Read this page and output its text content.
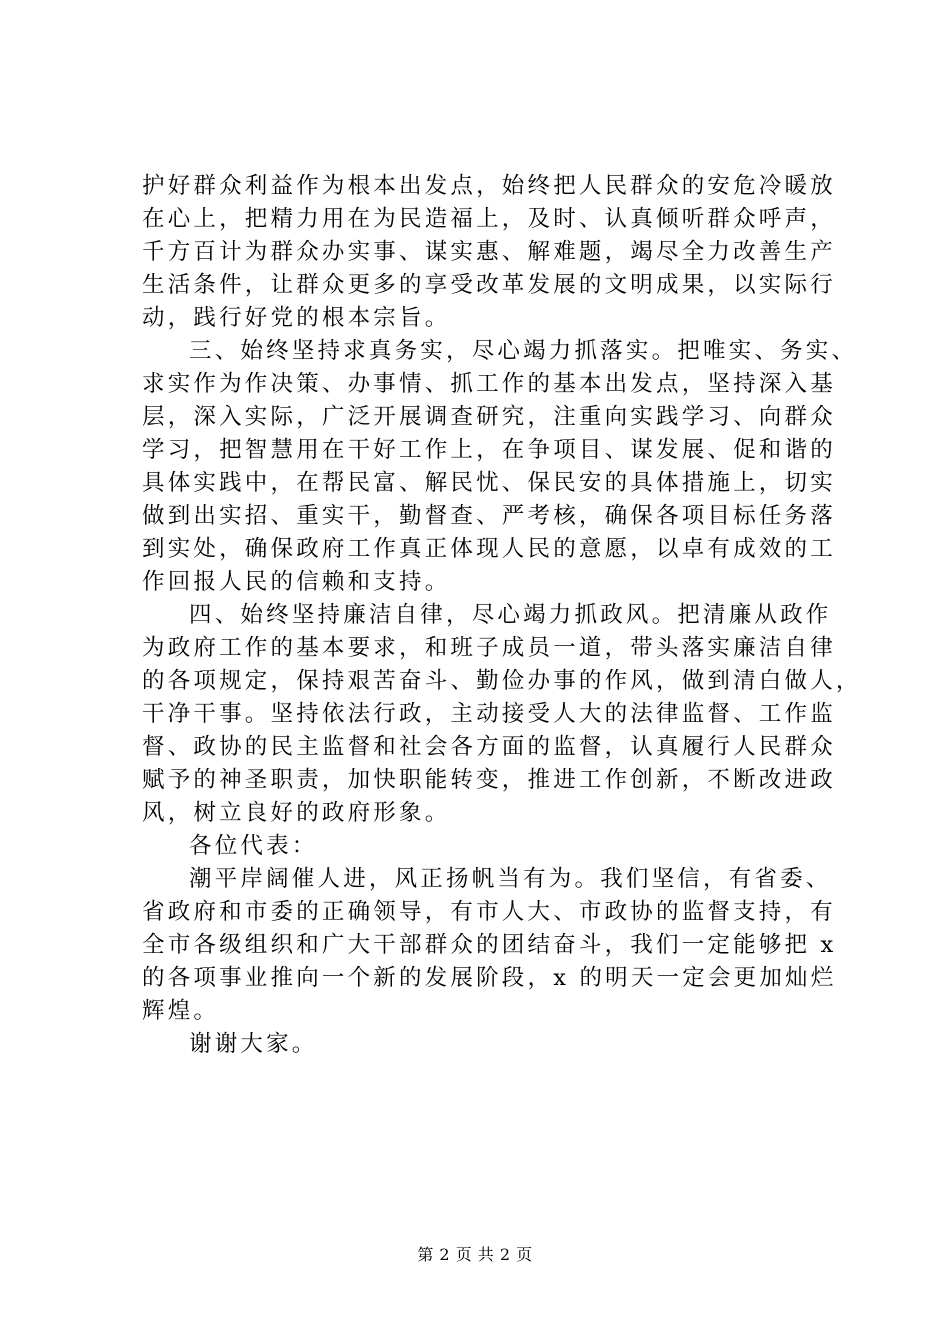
护好群众利益作为根本出发点，始终把人民群众的安危冷暖放
在心上，把精力用在为民造福上，及时、认真倾听群众呼声，
千方百计为群众办实事、谋实惠、解难题，竭尽全力改善生产
生活条件，让群众更多的享受改革发展的文明成果，以实际行
动，践行好党的根本宗旨。
三、始终坚持求真务实，尽心竭力抓落实。把唯实、务实、
求实作为作决策、办事情、抓工作的基本出发点，坚持深入基
层，深入实际，广泛开展调查研究，注重向实践学习、向群众
学习，把智慧用在干好工作上，在争项目、谋发展、促和谐的
具体实践中，在帮民富、解民忧、保民安的具体措施上，切实
做到出实招、重实干，勤督查、严考核，确保各项目标任务落
到实处，确保政府工作真正体现人民的意愿，以卓有成效的工
作回报人民的信赖和支持。
四、始终坚持廉洁自律，尽心竭力抓政风。把清廉从政作
为政府工作的基本要求，和班子成员一道，带头落实廉洁自律
的各项规定，保持艰苦奋斗、勤俭办事的作风，做到清白做人，
干净干事。坚持依法行政，主动接受人大的法律监督、工作监
督、政协的民主监督和社会各方面的监督，认真履行人民群众
赋予的神圣职责，加快职能转变，推进工作创新，不断改进政
风，树立良好的政府形象。
各位代表：
潮平岸阔催人进，风正扬帆当有为。我们坚信，有省委、
省政府和市委的正确领导，有市人大、市政协的监督支持，有
全市各级组织和广大干部群众的团结奋斗，我们一定能够把 x
的各项事业推向一个新的发展阶段，x 的明天一定会更加灿烂
辉煌。
谢谢大家。
第 2 页 共 2 页
